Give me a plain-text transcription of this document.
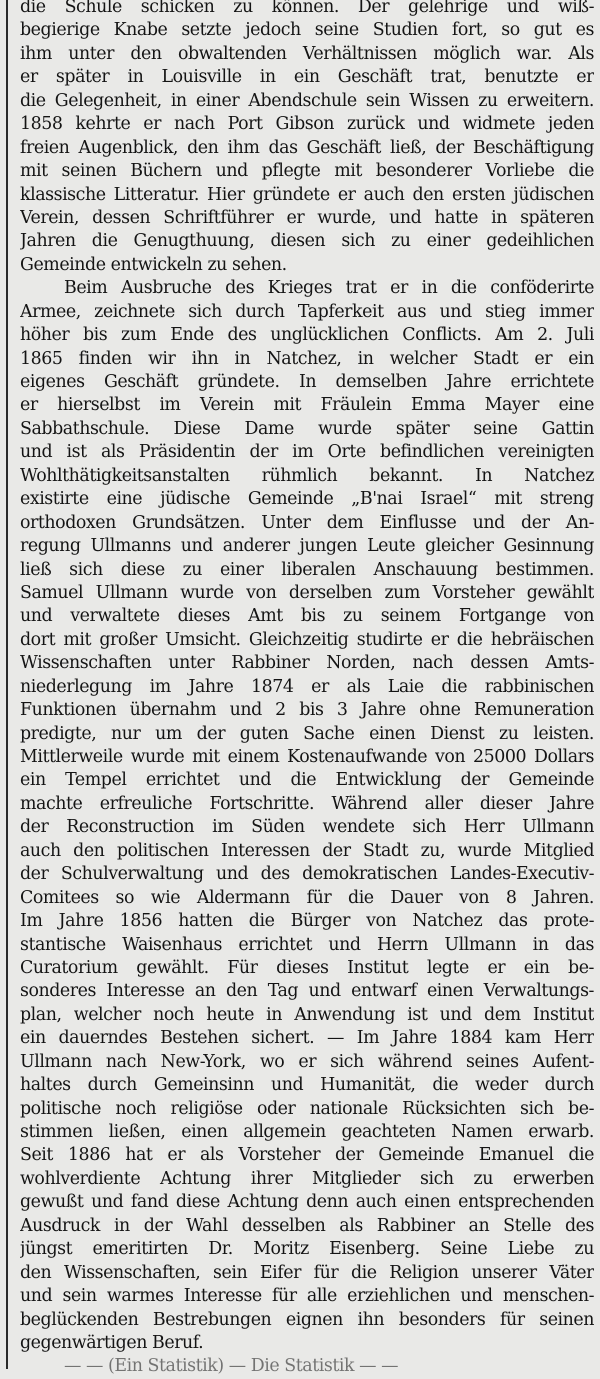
die Schule schicken zu können. Der gelehrige und wiß-
begierige Knabe setzte jedoch seine Studien fort, so gut es
ihm unter den obwaltenden Verhältnissen möglich war. Als
er später in Louisville in ein Geschäft trat, benutzte er
die Gelegenheit, in einer Abendschule sein Wissen zu erweitern.
1858 kehrte er nach Port Gibson zurück und widmete jeden
freien Augenblick, den ihm das Geschäft ließ, der Beschäftigung
mit seinen Büchern und pflegte mit besonderer Vorliebe die
klassische Litteratur. Hier gründete er auch den ersten jüdischen
Verein, dessen Schriftführer er wurde, und hatte in späteren
Jahren die Genugthuung, diesen sich zu einer gedeihlichen
Gemeinde entwickeln zu sehen.
Beim Ausbruche des Krieges trat er in die conföderirte
Armee, zeichnete sich durch Tapferkeit aus und stieg immer
höher bis zum Ende des unglücklichen Conflicts. Am 2. Juli
1865 finden wir ihn in Natchez, in welcher Stadt er ein
eigenes Geschäft gründete. In demselben Jahre errichtete
er hierselbst im Verein mit Fräulein Emma Mayer eine
Sabbathschule. Diese Dame wurde später seine Gattin
und ist als Präsidentin der im Orte befindlichen vereinigten
Wohlthätigkeitsanstalten rühmlich bekannt. In Natchez
existirte eine jüdische Gemeinde „B'nai Israel“ mit streng
orthodoxen Grundsätzen. Unter dem Einflusse und der An-
regung Ullmanns und anderer jungen Leute gleicher Gesinnung
ließ sich diese zu einer liberalen Anschauung bestimmen.
Samuel Ullmann wurde von derselben zum Vorsteher gewählt
und verwaltete dieses Amt bis zu seinem Fortgange von
dort mit großer Umsicht. Gleichzeitig studirte er die hebräischen
Wissenschaften unter Rabbiner Norden, nach dessen Amts-
niederlegung im Jahre 1874 er als Laie die rabbinischen
Funktionen übernahm und 2 bis 3 Jahre ohne Remuneration
predigte, nur um der guten Sache einen Dienst zu leisten.
Mittlerweile wurde mit einem Kostenaufwande von 25000 Dollars
ein Tempel errichtet und die Entwicklung der Gemeinde
machte erfreuliche Fortschritte. Während aller dieser Jahre
der Reconstruction im Süden wendete sich Herr Ullmann
auch den politischen Interessen der Stadt zu, wurde Mitglied
der Schulverwaltung und des demokratischen Landes-Executiv-
Comitees so wie Aldermann für die Dauer von 8 Jahren.
Im Jahre 1856 hatten die Bürger von Natchez das prote-
stantische Waisenhaus errichtet und Herrn Ullmann in das
Curatorium gewählt. Für dieses Institut legte er ein be-
sonderes Interesse an den Tag und entwarf einen Verwaltungs-
plan, welcher noch heute in Anwendung ist und dem Institut
ein dauerndes Bestehen sichert. — Im Jahre 1884 kam Herr
Ullmann nach New-York, wo er sich während seines Aufent-
haltes durch Gemeinsinn und Humanität, die weder durch
politische noch religiöse oder nationale Rücksichten sich be-
stimmen ließen, einen allgemein geachteten Namen erwarb.
Seit 1886 hat er als Vorsteher der Gemeinde Emanuel die
wohlverdiente Achtung ihrer Mitglieder sich zu erwerben
gewußt und fand diese Achtung denn auch einen entsprechenden
Ausdruck in der Wahl desselben als Rabbiner an Stelle des
jüngst emeritirten Dr. Moritz Eisenberg. Seine Liebe zu
den Wissenschaften, sein Eifer für die Religion unserer Väter
und sein warmes Interesse für alle erziehlichen und menschen-
beglückenden Bestrebungen eignen ihn besonders für seinen
gegenwärtigen Beruf.
— — (Ein Statistik) — Die Statistik — —
